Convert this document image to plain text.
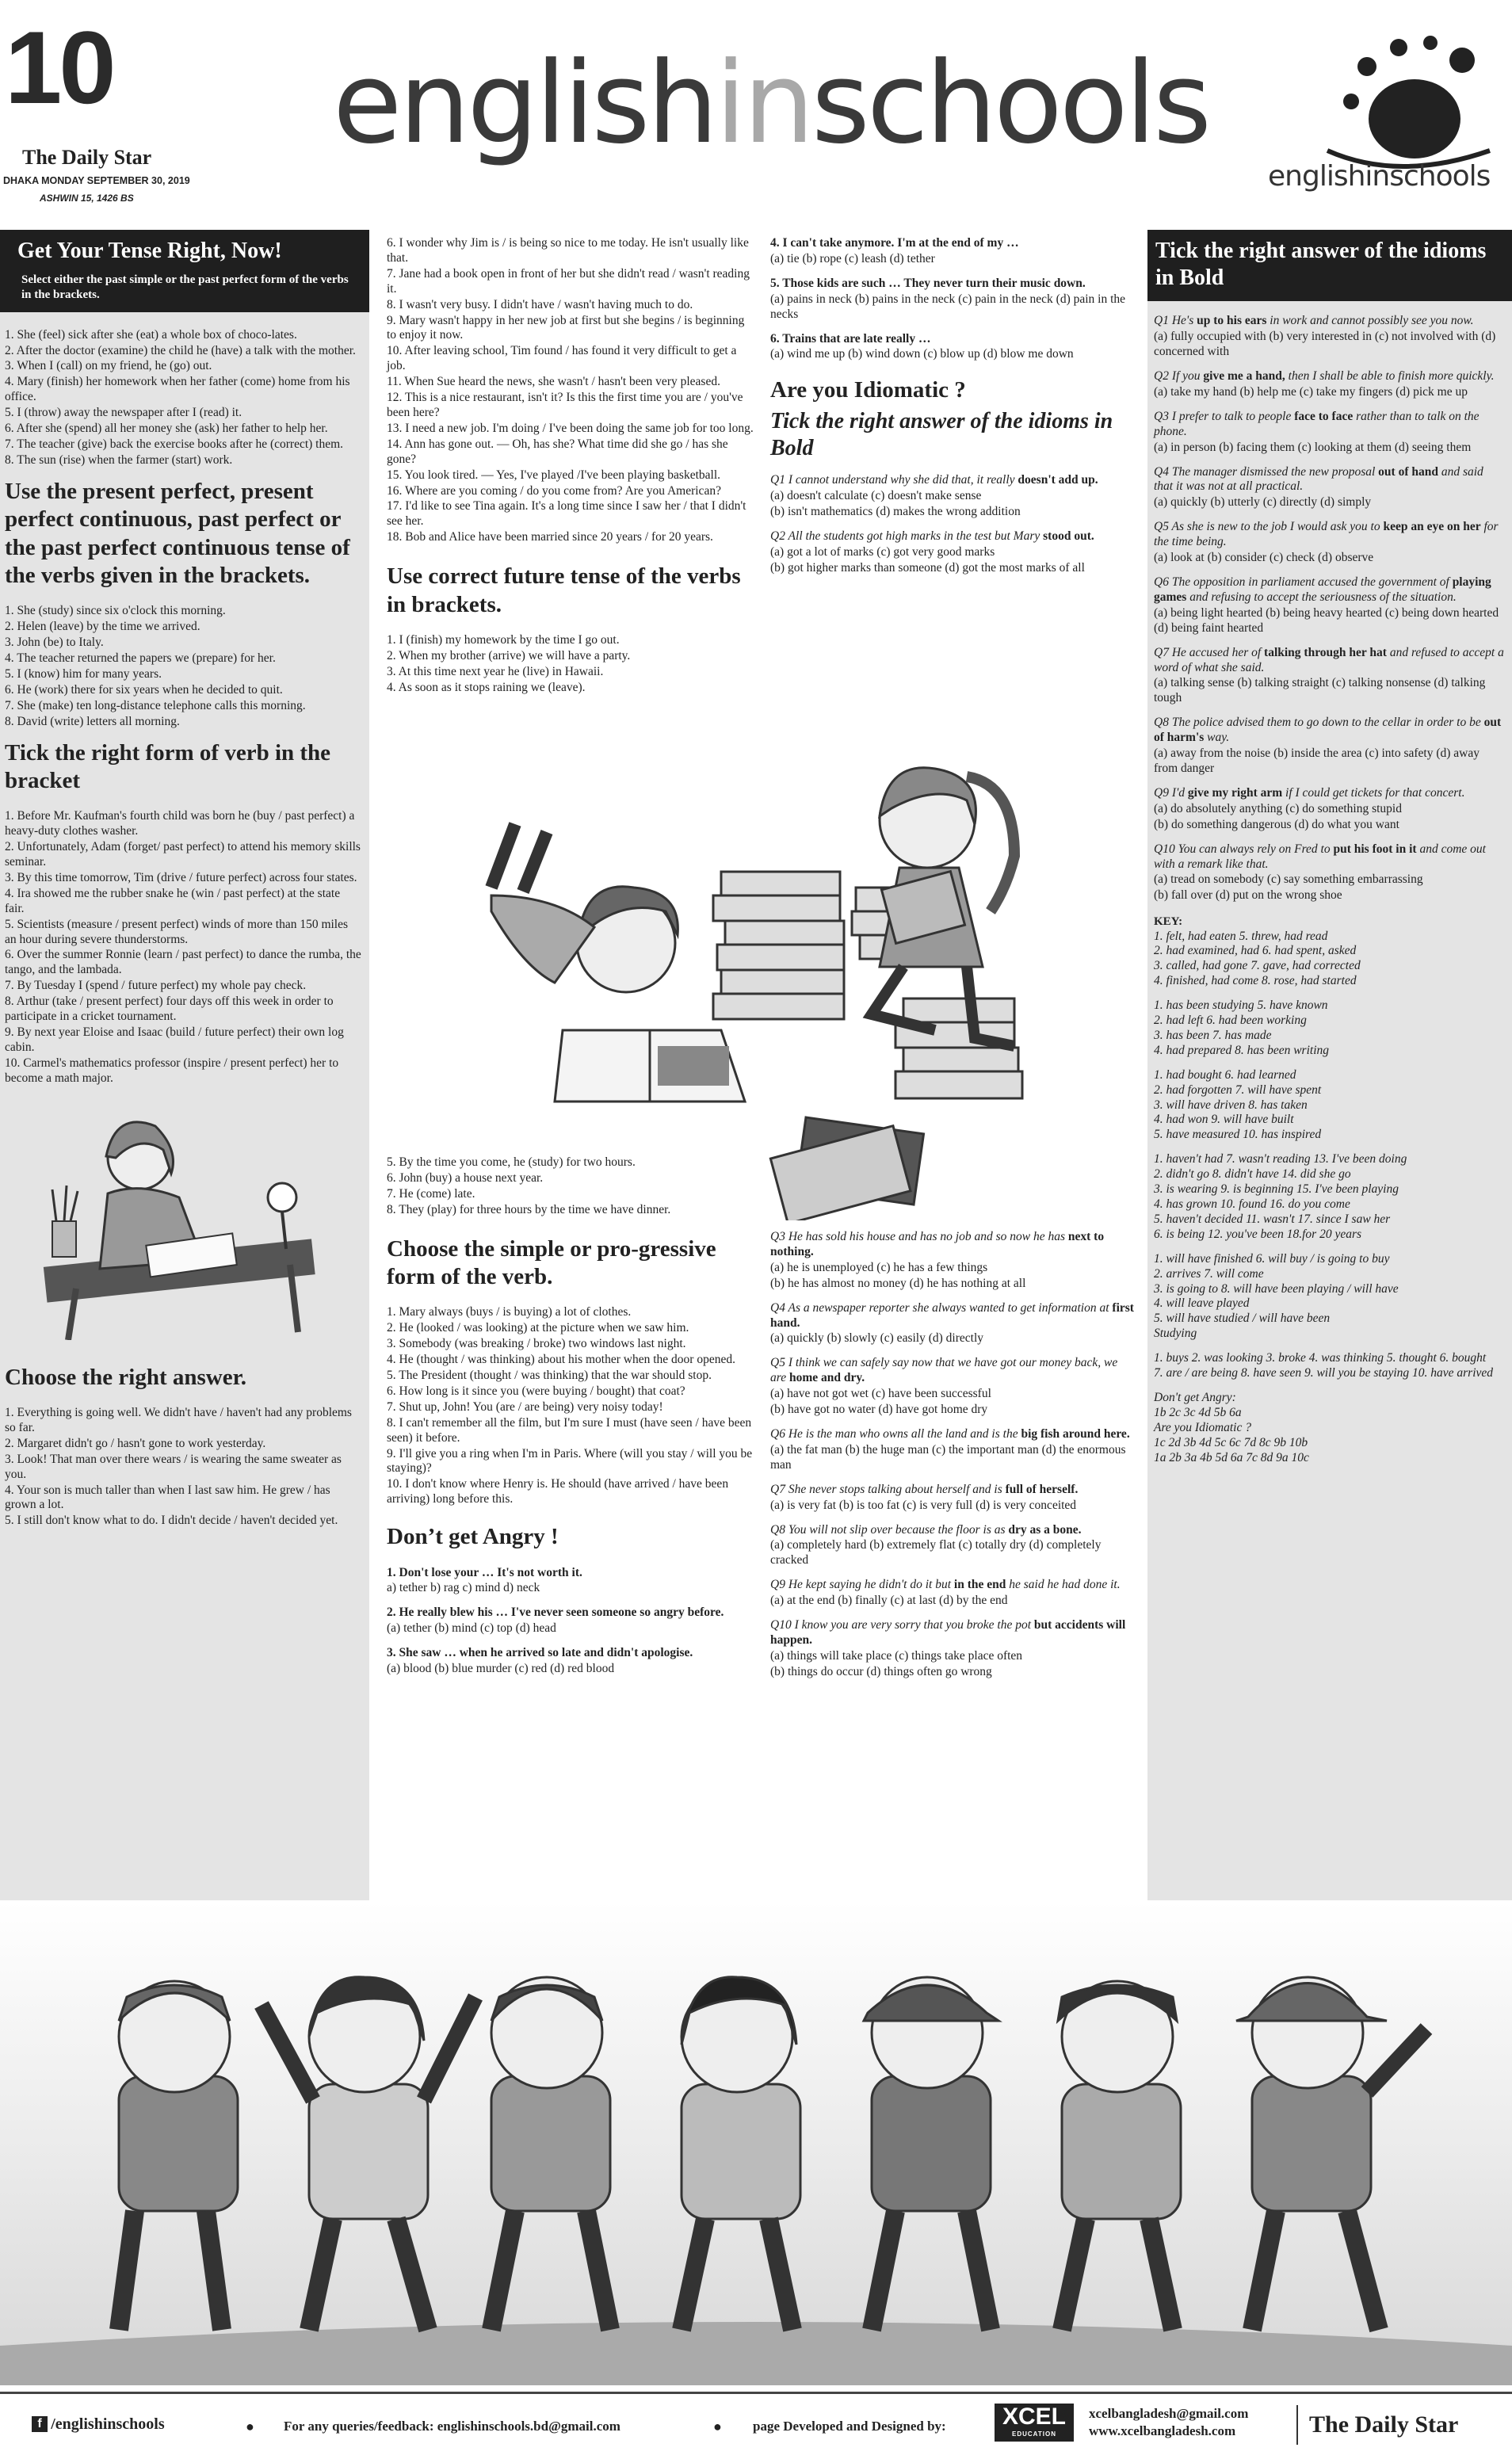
10
The Daily Star
DHAKA MONDAY SEPTEMBER 30, 2019
ASHWIN 15, 1426 BS
englishinschools
englishinschools
Get Your Tense Right, Now!
Select either the past simple or the past perfect form of the verbs in the brackets.

1. She (feel) sick after she (eat) a whole box of choco-lates.

2. After the doctor (examine) the child he (have) a talk with the mother.

3. When I (call) on my friend, he (go) out.

4. Mary (finish) her homework when her father (come) home from his office.

5. I (throw) away the newspaper after I (read) it.

6. After she (spend) all her money she (ask) her father to help her.

7. The teacher (give) back the exercise books after he (correct) them.

8. The sun (rise) when the farmer (start) work.

Use the present perfect, present perfect continuous, past perfect or the past perfect continuous tense of the verbs given in the brackets.

1. She (study) since six o'clock this morning.

2. Helen (leave) by the time we arrived.

3. John (be) to Italy.

4. The teacher returned the papers we (prepare) for her.

5. I (know) him for many years.

6. He (work) there for six years when he decided to quit.

7. She (make) ten long-distance telephone calls this morning.

8. David (write) letters all morning.

Tick the right form of verb in the bracket

1. Before Mr. Kaufman's fourth child was born he (buy / past perfect) a heavy-duty clothes washer.

2. Unfortunately, Adam (forget/ past perfect) to attend his memory skills seminar.

3. By this time tomorrow, Tim (drive / future perfect) across four states.

4. Ira showed me the rubber snake he (win / past perfect) at the state fair.

5. Scientists (measure / present perfect) winds of more than 150 miles an hour during severe thunderstorms.

6. Over the summer Ronnie (learn / past perfect) to dance the rumba, the tango, and the lambada.

7. By Tuesday I (spend / future perfect) my whole pay check.

8. Arthur (take / present perfect) four days off this week in order to participate in a cricket tournament.

9. By next year Eloise and Isaac (build / future perfect) their own log cabin.

10. Carmel's mathematics professor (inspire / present perfect) her to become a math major.

Choose the right answer.

1. Everything is going well. We didn't have / haven't had any problems so far.

2. Margaret didn't go / hasn't gone to work yesterday.

3. Look! That man over there wears / is wearing the same sweater as you.

4. Your son is much taller than when I last saw him. He grew / has grown a lot.

5. I still don't know what to do. I didn't decide / haven't decided yet.

6. I wonder why Jim is / is being so nice to me today. He isn't usually like that.

7. Jane had a book open in front of her but she didn't read / wasn't reading it.

8. I wasn't very busy. I didn't have / wasn't having much to do.

9. Mary wasn't happy in her new job at first but she begins / is beginning to enjoy it now.

10. After leaving school, Tim found / has found it very difficult to get a job.

11. When Sue heard the news, she wasn't / hasn't been very pleased.

12. This is a nice restaurant, isn't it? Is this the first time you are / you've been here?

13. I need a new job. I'm doing / I've been doing the same job for too long.

14. Ann has gone out. — Oh, has she? What time did she go / has she gone?

15. You look tired. — Yes, I've played /I've been playing basketball.

16. Where are you coming / do you come from? Are you American?

17. I'd like to see Tina again. It's a long time since I saw her / that I didn't see her.

18. Bob and Alice have been married since 20 years / for 20 years.

Use correct future tense of the verbs in brackets.

1. I (finish) my homework by the time I go out.

2. When my brother (arrive) we will have a party.

3. At this time next year he (live) in Hawaii.

4. As soon as it stops raining we (leave).

5. By the time you come, he (study) for two hours.

6. John (buy) a house next year.

7. He (come) late.

8. They (play) for three hours by the time we have dinner.

Choose the simple or pro-gressive form of the verb.

1. Mary always (buys / is buying) a lot of clothes.

2. He (looked / was looking) at the picture when we saw him.

3. Somebody (was breaking / broke) two windows last night.

4. He (thought / was thinking) about his mother when the door opened.

5. The President (thought / was thinking) that the war should stop.

6. How long is it since you (were buying / bought) that coat?

7. Shut up, John! You (are / are being) very noisy today!

8. I can't remember all the film, but I'm sure I must (have seen / have been seen) it before.

9. I'll give you a ring when I'm in Paris. Where (will you stay / will you be staying)?

10. I don't know where Henry is. He should (have arrived / have been arriving) long before this.

Don’t get Angry !

1. Don't lose your … It's not worth it.

a) tether b) rag c) mind d) neck

2. He really blew his … I've never seen someone so angry before.

(a) tether (b) mind (c) top (d) head

3. She saw … when he arrived so late and didn't apologise.

(a) blood (b) blue murder (c) red (d) red blood

4. I can't take anymore. I'm at the end of my …

(a) tie (b) rope (c) leash (d) tether

5. Those kids are such … They never turn their music down.

(a) pains in neck (b) pains in the neck (c) pain in the neck (d) pain in the necks

6. Trains that are late really …

(a) wind me up (b) wind down (c) blow up (d) blow me down

Are you Idiomatic ?
Tick the right answer of the idioms in Bold

Q1 I cannot understand why she did that, it really doesn't add up.

(a) doesn't calculate (c) doesn't make sense

(b) isn't mathematics (d) makes the wrong addition

Q2 All the students got high marks in the test but Mary stood out.

(a) got a lot of marks (c) got very good marks

(b) got higher marks than someone (d) got the most marks of all

Q3 He has sold his house and has no job and so now he has next to nothing.

(a) he is unemployed (c) he has a few things

(b) he has almost no money (d) he has nothing at all

Q4 As a newspaper reporter she always wanted to get information at first hand.

(a) quickly (b) slowly (c) easily (d) directly

Q5 I think we can safely say now that we have got our money back, we are home and dry.

(a) have not got wet (c) have been successful

(b) have got no water (d) have got home dry

Q6 He is the man who owns all the land and is the big fish around here.

(a) the fat man (b) the huge man (c) the important man (d) the enormous man

Q7 She never stops talking about herself and is full of herself.

(a) is very fat (b) is too fat (c) is very full (d) is very conceited

Q8 You will not slip over because the floor is as dry as a bone.

(a) completely hard (b) extremely flat (c) totally dry (d) completely cracked

Q9 He kept saying he didn't do it but in the end he said he had done it.

(a) at the end (b) finally (c) at last (d) by the end

Q10 I know you are very sorry that you broke the pot but accidents will happen.

(a) things will take place (c) things take place often

(b) things do occur (d) things often go wrong

Tick the right answer of the idioms in Bold

Q1 He's up to his ears in work and cannot possibly see you now.

(a) fully occupied with (b) very interested in (c) not involved with (d) concerned with

Q2 If you give me a hand, then I shall be able to finish more quickly.

(a) take my hand (b) help me (c) take my fingers (d) pick me up

Q3 I prefer to talk to people face to face rather than to talk on the phone.

(a) in person (b) facing them (c) looking at them (d) seeing them

Q4 The manager dismissed the new proposal out of hand and said that it was not at all practical.

(a) quickly (b) utterly (c) directly (d) simply

Q5 As she is new to the job I would ask you to keep an eye on her for the time being.

(a) look at (b) consider (c) check (d) observe

Q6 The opposition in parliament accused the government of playing games and refusing to accept the seriousness of the situation.

(a) being light hearted (b) being heavy hearted (c) being down hearted (d) being faint hearted

Q7 He accused her of talking through her hat and refused to accept a word of what she said.

(a) talking sense (b) talking straight (c) talking nonsense (d) talking tough

Q8 The police advised them to go down to the cellar in order to be out of harm's way.

(a) away from the noise (b) inside the area (c) into safety (d) away from danger

Q9 I'd give my right arm if I could get tickets for that concert.

(a) do absolutely anything (c) do something stupid

(b) do something dangerous (d) do what you want

Q10 You can always rely on Fred to put his foot in it and come out with a remark like that.

(a) tread on somebody (c) say something embarrassing

(b) fall over (d) put on the wrong shoe

KEY:

1. felt, had eaten 5. threw, had read

2. had examined, had 6. had spent, asked

3. called, had gone 7. gave, had corrected

4. finished, had come 8. rose, had started

1. has been studying 5. have known

2. had left 6. had been working

3. has been 7. has made

4. had prepared 8. has been writing

1. had bought 6. had learned

2. had forgotten 7. will have spent

3. will have driven 8. has taken

4. had won 9. will have built

5. have measured 10. has inspired

1. haven't had 7. wasn't reading 13. I've been doing

2. didn't go 8. didn't have 14. did she go

3. is wearing 9. is beginning 15. I've been playing

4. has grown 10. found 16. do you come

5. haven't decided 11. wasn't 17. since I saw her

6. is being 12. you've been 18.for 20 years

1. will have finished 6. will buy / is going to buy

2. arrives 7. will come

3. is going to 8. will have been playing / will have

4. will leave played

5. will have studied / will have been

Studying

1. buys 2. was looking 3. broke 4. was thinking 5. thought 6. bought

7. are / are being 8. have seen 9. will you be staying 10. have arrived

Don't get Angry:

1b 2c 3c 4d 5b 6a

Are you Idiomatic ?

1c 2d 3b 4d 5c 6c 7d 8c 9b 10b

1a 2b 3a 4b 5d 6a 7c 8d 9a 10c

f /englishinschools	● For any queries/feedback: englishinschools.bd@gmail.com	● page Developed and Designed by:	XCEL
EDUCATION
xcelbangladesh@gmail.com
www.xcelbangladesh.com	The Daily Star
